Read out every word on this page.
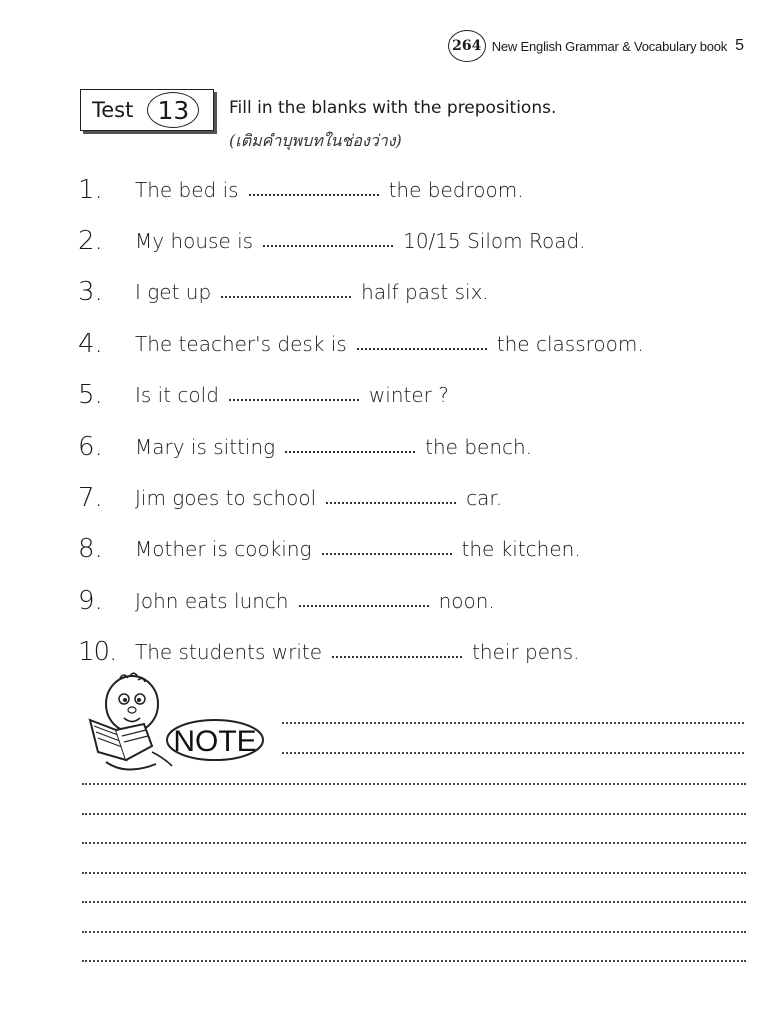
264 New English Grammar & Vocabulary book 5
Test 13	Fill in the blanks with the prepositions.
(เติมคำบุพบทในช่องว่าง)
1.	The bed is	the bedroom.
2.	My house is	10/15 Silom Road.
3.	I get up	half past six.
4.	The teacher's desk is	the classroom.
5.	Is it cold	winter ?
6.	Mary is sitting	the bench.
7.	Jim goes to school	car.
8.	Mother is cooking	the kitchen.
9.	John eats lunch	noon.
10. The students write	their pens.
NOTE
